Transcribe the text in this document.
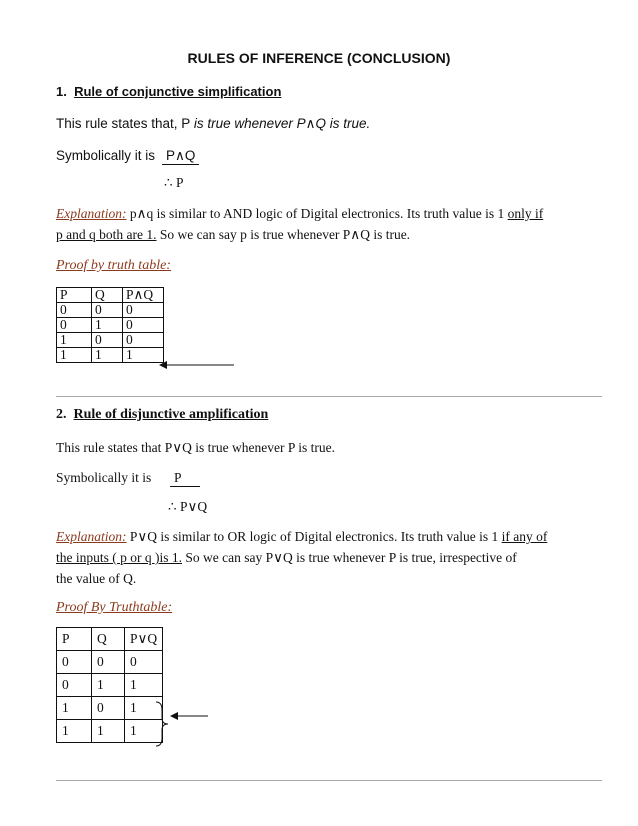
RULES OF INFERENCE (CONCLUSION)
1. Rule of conjunctive simplification
This rule states that, P is true whenever P∧Q is true.
Symbolically it is P∧Q
∴ P
Explanation: p∧q is similar to AND logic of Digital electronics. Its truth value is 1 only if
p and q both are 1. So we can say p is true whenever P∧Q is true.
Proof by truth table:
P	Q	P∧Q
0	0	0
0	1	0
1	0	0
1	1	1
2. Rule of disjunctive amplification
This rule states that P∨Q is true whenever P is true.
Symbolically it is P
∴ P∨Q
Explanation: P∨Q is similar to OR logic of Digital electronics. Its truth value is 1 if any of
the inputs ( p or q )is 1. So we can say P∨Q is true whenever P is true, irrespective of
the value of Q.
Proof By Truthtable:
P	Q	P∨Q
0	0	0
0	1	1
1	0	1
1	1	1
